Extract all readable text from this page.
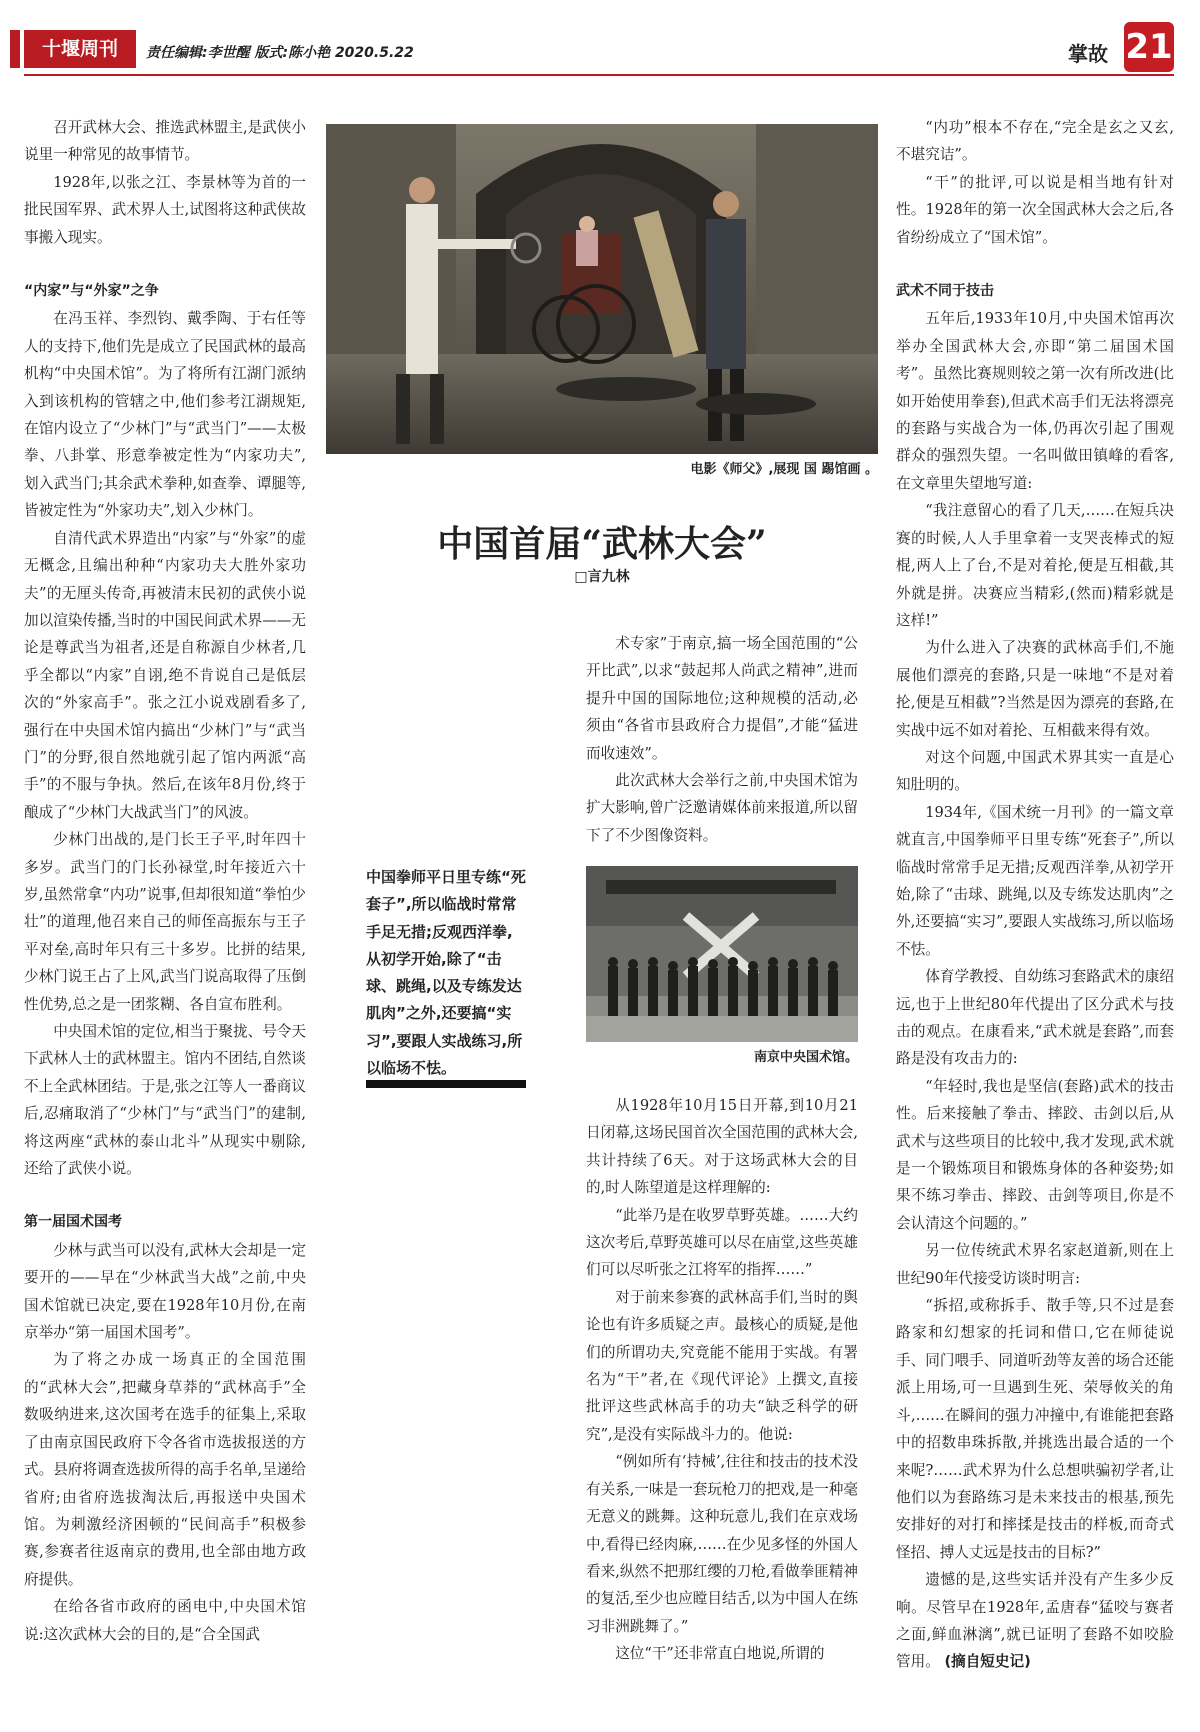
十堰周刊	责任编辑:李世醒 版式:陈小艳 2020.5.22	掌故 21

召开武林大会、推选武林盟主,是武侠小说里一种常见的故事情节。

1928年,以张之江、李景林等为首的一批民国军界、武术界人士,试图将这种武侠故事搬入现实。

“内家”与“外家”之争

在冯玉祥、李烈钧、戴季陶、于右任等人的支持下,他们先是成立了民国武林的最高机构“中央国术馆”。为了将所有江湖门派纳入到该机构的管辖之中,他们参考江湖规矩,在馆内设立了“少林门”与“武当门”——太极拳、八卦掌、形意拳被定性为“内家功夫”,划入武当门;其余武术拳种,如查拳、谭腿等,皆被定性为“外家功夫”,划入少林门。

自清代武术界造出“内家”与“外家”的虚无概念,且编出种种“内家功夫大胜外家功夫”的无厘头传奇,再被清末民初的武侠小说加以渲染传播,当时的中国民间武术界——无论是尊武当为祖者,还是自称源自少林者,几乎全都以“内家”自诩,绝不肯说自己是低层次的“外家高手”。张之江小说戏剧看多了,强行在中央国术馆内搞出“少林门”与“武当门”的分野,很自然地就引起了馆内两派“高手”的不服与争执。然后,在该年8月份,终于酿成了“少林门大战武当门”的风波。

少林门出战的,是门长王子平,时年四十多岁。武当门的门长孙禄堂,时年接近六十岁,虽然常拿“内功”说事,但却很知道“拳怕少壮”的道理,他召来自己的师侄高振东与王子平对垒,高时年只有三十多岁。比拼的结果,少林门说王占了上风,武当门说高取得了压倒性优势,总之是一团浆糊、各自宣布胜利。

中央国术馆的定位,相当于聚拢、号令天下武林人士的武林盟主。馆内不团结,自然谈不上全武林团结。于是,张之江等人一番商议后,忍痛取消了“少林门”与“武当门”的建制,将这两座“武林的泰山北斗”从现实中剔除,还给了武侠小说。

第一届国术国考

少林与武当可以没有,武林大会却是一定要开的——早在“少林武当大战”之前,中央国术馆就已决定,要在1928年10月份,在南京举办“第一届国术国考”。

为了将之办成一场真正的全国范围的“武林大会”,把藏身草莽的“武林高手”全数吸纳进来,这次国考在选手的征集上,采取了由南京国民政府下令各省市选拔报送的方式。县府将调查选拔所得的高手名单,呈递给省府;由省府选拔淘汰后,再报送中央国术馆。为刺激经济困顿的“民间高手”积极参赛,参赛者往返南京的费用,也全部由地方政府提供。

在给各省市政府的函电中,中央国术馆说:这次武林大会的目的,是“合全国武

电影《师父》,展现 国 踢馆画 。
中国首届“武林大会”
□言九林

术专家”于南京,搞一场全国范围的“公开比武”,以求“鼓起邦人尚武之精神”,进而提升中国的国际地位;这种规模的活动,必须由“各省市县政府合力提倡”,才能“猛进而收速效”。

此次武林大会举行之前,中央国术馆为扩大影响,曾广泛邀请媒体前来报道,所以留下了不少图像资料。

中国拳师平日里专练“死套子”,所以临战时常常手足无措;反观西洋拳,从初学开始,除了“击球、跳绳,以及专练发达肌肉”之外,还要搞“实习”,要跟人实战练习,所以临场不怯。
南京中央国术馆。

从1928年10月15日开幕,到10月21日闭幕,这场民国首次全国范围的武林大会,共计持续了6天。对于这场武林大会的目的,时人陈望道是这样理解的:

“此举乃是在收罗草野英雄。……大约这次考后,草野英雄可以尽在庙堂,这些英雄们可以尽听张之江将军的指挥……”

对于前来参赛的武林高手们,当时的舆论也有许多质疑之声。最核心的质疑,是他们的所谓功夫,究竟能不能用于实战。有署名为“干”者,在《现代评论》上撰文,直接批评这些武林高手的功夫“缺乏科学的研究”,是没有实际战斗力的。他说:

“例如所有‘持械’,往往和技击的技术没有关系,一味是一套玩枪刀的把戏,是一种毫无意义的跳舞。这种玩意儿,我们在京戏场中,看得已经肉麻,……在少见多怪的外国人看来,纵然不把那红缨的刀枪,看做拳匪精神的复活,至少也应瞠目结舌,以为中国人在练习非洲跳舞了。”

这位“干”还非常直白地说,所谓的

“内功”根本不存在,“完全是玄之又玄,不堪究诘”。

“干”的批评,可以说是相当地有针对性。1928年的第一次全国武林大会之后,各省纷纷成立了“国术馆”。

武术不同于技击

五年后,1933年10月,中央国术馆再次举办全国武林大会,亦即“第二届国术国考”。虽然比赛规则较之第一次有所改进(比如开始使用拳套),但武术高手们无法将漂亮的套路与实战合为一体,仍再次引起了围观群众的强烈失望。一名叫做田镇峰的看客,在文章里失望地写道:

“我注意留心的看了几天,……在短兵决赛的时候,人人手里拿着一支哭丧棒式的短棍,两人上了台,不是对着抡,便是互相截,其外就是拼。决赛应当精彩,(然而)精彩就是这样!”

为什么进入了决赛的武林高手们,不施展他们漂亮的套路,只是一味地“不是对着抡,便是互相截”?当然是因为漂亮的套路,在实战中远不如对着抡、互相截来得有效。

对这个问题,中国武术界其实一直是心知肚明的。

1934年,《国术统一月刊》的一篇文章就直言,中国拳师平日里专练“死套子”,所以临战时常常手足无措;反观西洋拳,从初学开始,除了“击球、跳绳,以及专练发达肌肉”之外,还要搞“实习”,要跟人实战练习,所以临场不怯。

体育学教授、自幼练习套路武术的康绍远,也于上世纪80年代提出了区分武术与技击的观点。在康看来,“武术就是套路”,而套路是没有攻击力的:

“年轻时,我也是坚信(套路)武术的技击性。后来接触了拳击、摔跤、击剑以后,从武术与这些项目的比较中,我才发现,武术就是一个锻炼项目和锻炼身体的各种姿势;如果不练习拳击、摔跤、击剑等项目,你是不会认清这个问题的。”

另一位传统武术界名家赵道新,则在上世纪90年代接受访谈时明言:

“拆招,或称拆手、散手等,只不过是套路家和幻想家的托词和借口,它在师徒说手、同门喂手、同道听劲等友善的场合还能派上用场,可一旦遇到生死、荣辱攸关的角斗,……在瞬间的强力冲撞中,有谁能把套路中的招数串珠拆散,并挑选出最合适的一个来呢?……武术界为什么总想哄骗初学者,让他们以为套路练习是未来技击的根基,预先安排好的对打和摔揉是技击的样板,而奇式怪招、搏人丈远是技击的目标?”

遗憾的是,这些实话并没有产生多少反响。尽管早在1928年,孟唐春“猛咬与赛者之面,鲜血淋漓”,就已证明了套路不如咬脸管用。 (摘自短史记)
